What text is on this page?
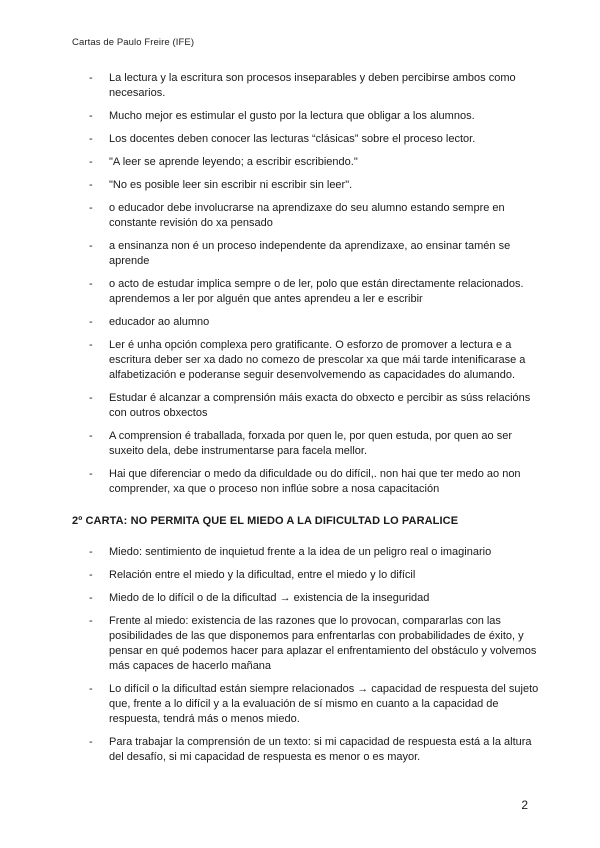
Cartas de Paulo Freire (IFE)
- La lectura y la escritura son procesos inseparables y deben percibirse ambos como necesarios.
- Mucho mejor es estimular el gusto por la lectura que obligar a los alumnos.
- Los docentes deben conocer las lecturas “clásicas” sobre el proceso lector.
- "A leer se aprende leyendo; a escribir escribiendo."
- "No es posible leer sin escribir ni escribir sin leer".
- o educador debe involucrarse na aprendizaxe do seu alumno estando sempre en constante revisión do xa pensado
- a ensinanza non é un proceso independente da aprendizaxe, ao ensinar tamén se aprende
- o acto de estudar implica sempre o de ler, polo que están directamente relacionados. aprendemos a ler por alguén que antes aprendeu a ler e escribir
- educador ao alumno
- Ler é unha opción complexa pero gratificante. O esforzo de promover a lectura e a escritura deber ser xa dado no comezo de prescolar xa que mái tarde intenificarase a alfabetización e poderanse seguir desenvolvemendo as capacidades do alumando.
- Estudar é alcanzar a comprensión máis exacta do obxecto e percibir as súss relacións con outros obxectos
- A comprension é traballada, forxada por quen le, por quen estuda, por quen ao ser suxeito dela, debe instrumentarse para facela mellor.
- Hai que diferenciar o medo da dificuldade ou do difícil,. non hai que ter medo ao non comprender, xa que o proceso non inflúe sobre a nosa capacitación
2º CARTA: NO PERMITA QUE EL MIEDO A LA DIFICULTAD LO PARALICE
- Miedo: sentimiento de inquietud frente a la idea de un peligro real o imaginario
- Relación entre el miedo y la dificultad, entre el miedo y lo difícil
- Miedo de lo difícil o de la dificultad → existencia de la inseguridad
- Frente al miedo: existencia de las razones que lo provocan, compararlas con las posibilidades de las que disponemos para enfrentarlas con probabilidades de éxito, y pensar en qué podemos hacer para aplazar el enfrentamiento del obstáculo y volvemos más capaces de hacerlo mañana
- Lo difícil o la dificultad están siempre relacionados → capacidad de respuesta del sujeto que, frente a lo difícil y a la evaluación de sí mismo en cuanto a la capacidad de respuesta, tendrá más o menos miedo.
- Para trabajar la comprensión de un texto: si mi capacidad de respuesta está a la altura del desafío, si mi capacidad de respuesta es menor o es mayor.
2
